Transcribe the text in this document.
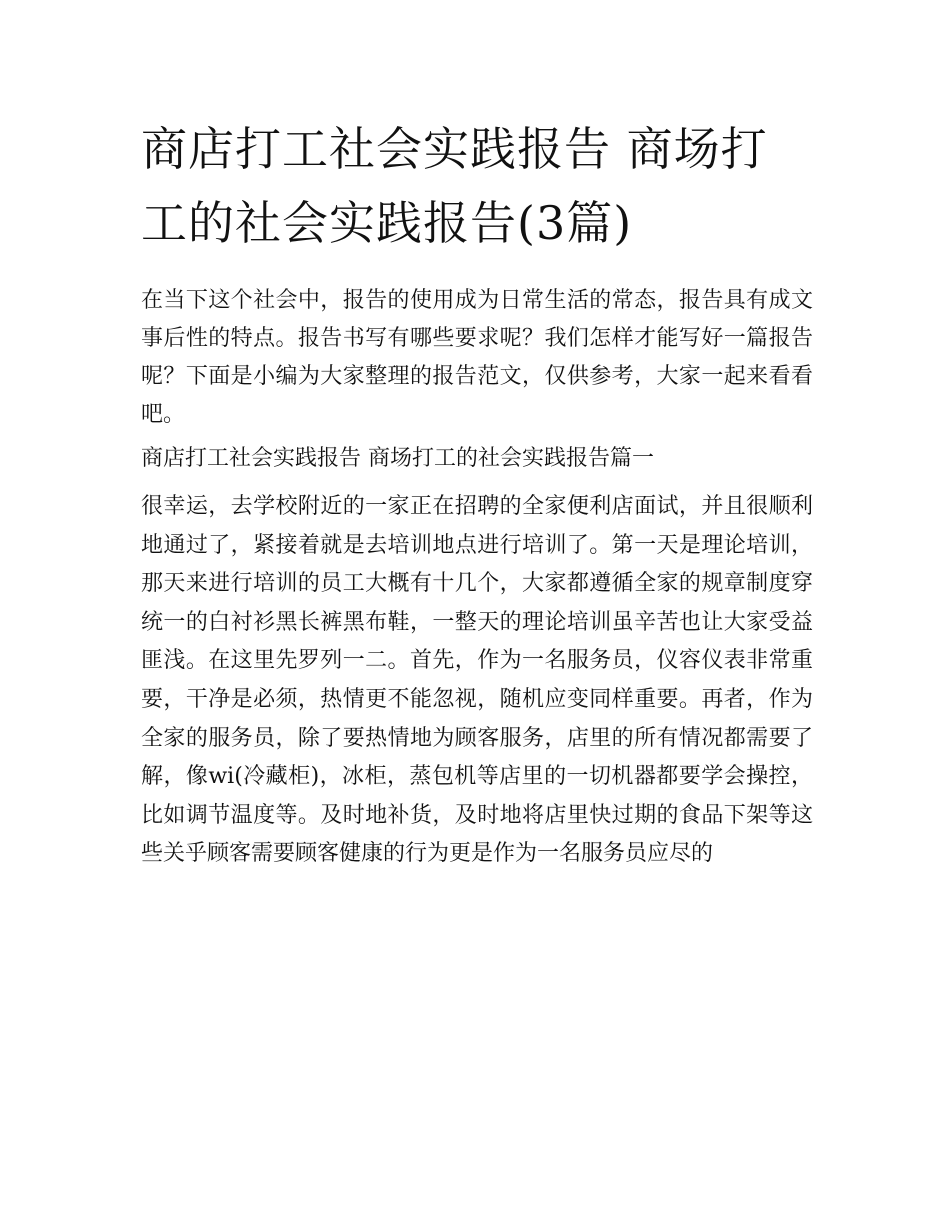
商店打工社会实践报告 商场打工的社会实践报告(3篇)

在当下这个社会中，报告的使用成为日常生活的常态，报告具有成文事后性的特点。报告书写有哪些要求呢？我们怎样才能写好一篇报告呢？下面是小编为大家整理的报告范文，仅供参考，大家一起来看看吧。

商店打工社会实践报告 商场打工的社会实践报告篇一

很幸运，去学校附近的一家正在招聘的全家便利店面试，并且很顺利地通过了，紧接着就是去培训地点进行培训了。第一天是理论培训，那天来进行培训的员工大概有十几个，大家都遵循全家的规章制度穿统一的白衬衫黑长裤黑布鞋，一整天的理论培训虽辛苦也让大家受益匪浅。在这里先罗列一二。首先，作为一名服务员，仪容仪表非常重要，干净是必须，热情更不能忽视，随机应变同样重要。再者，作为全家的服务员，除了要热情地为顾客服务，店里的所有情况都需要了解，像wi(冷藏柜)，冰柜，蒸包机等店里的一切机器都要学会操控，比如调节温度等。及时地补货，及时地将店里快过期的食品下架等这些关乎顾客需要顾客健康的行为更是作为一名服务员应尽的
